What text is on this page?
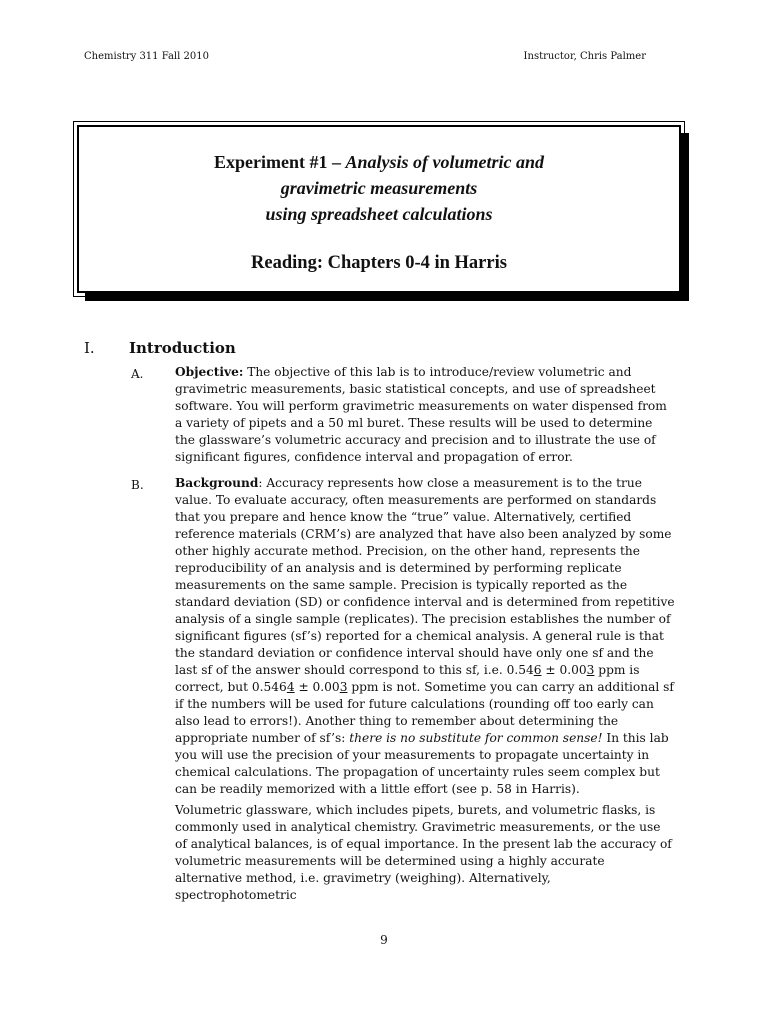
Chemistry 311 Fall 2010	Instructor, Chris Palmer
Experiment #1 – Analysis of volumetric and
gravimetric measurements
using spreadsheet calculations
Reading: Chapters 0-4 in Harris
I. Introduction
A.	Objective: The objective of this lab is to introduce/review volumetric and gravimetric measurements, basic statistical concepts, and use of spreadsheet software. You will perform gravimetric measurements on water dispensed from a variety of pipets and a 50 ml buret. These results will be used to determine the glassware’s volumetric accuracy and precision and to illustrate the use of significant figures, confidence interval and propagation of error.
B.	Background: Accuracy represents how close a measurement is to the true value. To evaluate accuracy, often measurements are performed on standards that you prepare and hence know the “true” value. Alternatively, certified reference materials (CRM’s) are analyzed that have also been analyzed by some other highly accurate method. Precision, on the other hand, represents the reproducibility of an analysis and is determined by performing replicate measurements on the same sample. Precision is typically reported as the standard deviation (SD) or confidence interval and is determined from repetitive analysis of a single sample (replicates). The precision establishes the number of significant figures (sf’s) reported for a chemical analysis. A general rule is that the standard deviation or confidence interval should have only one sf and the last sf of the answer should correspond to this sf, i.e. 0.546 ± 0.003 ppm is correct, but 0.5464 ± 0.003 ppm is not. Sometime you can carry an additional sf if the numbers will be used for future calculations (rounding off too early can also lead to errors!). Another thing to remember about determining the appropriate number of sf’s: there is no substitute for common sense! In this lab you will use the precision of your measurements to propagate uncertainty in chemical calculations. The propagation of uncertainty rules seem complex but can be readily memorized with a little effort (see p. 58 in Harris).
Volumetric glassware, which includes pipets, burets, and volumetric flasks, is commonly used in analytical chemistry. Gravimetric measurements, or the use of analytical balances, is of equal importance. In the present lab the accuracy of volumetric measurements will be determined using a highly accurate alternative method, i.e. gravimetry (weighing). Alternatively, spectrophotometric
9
